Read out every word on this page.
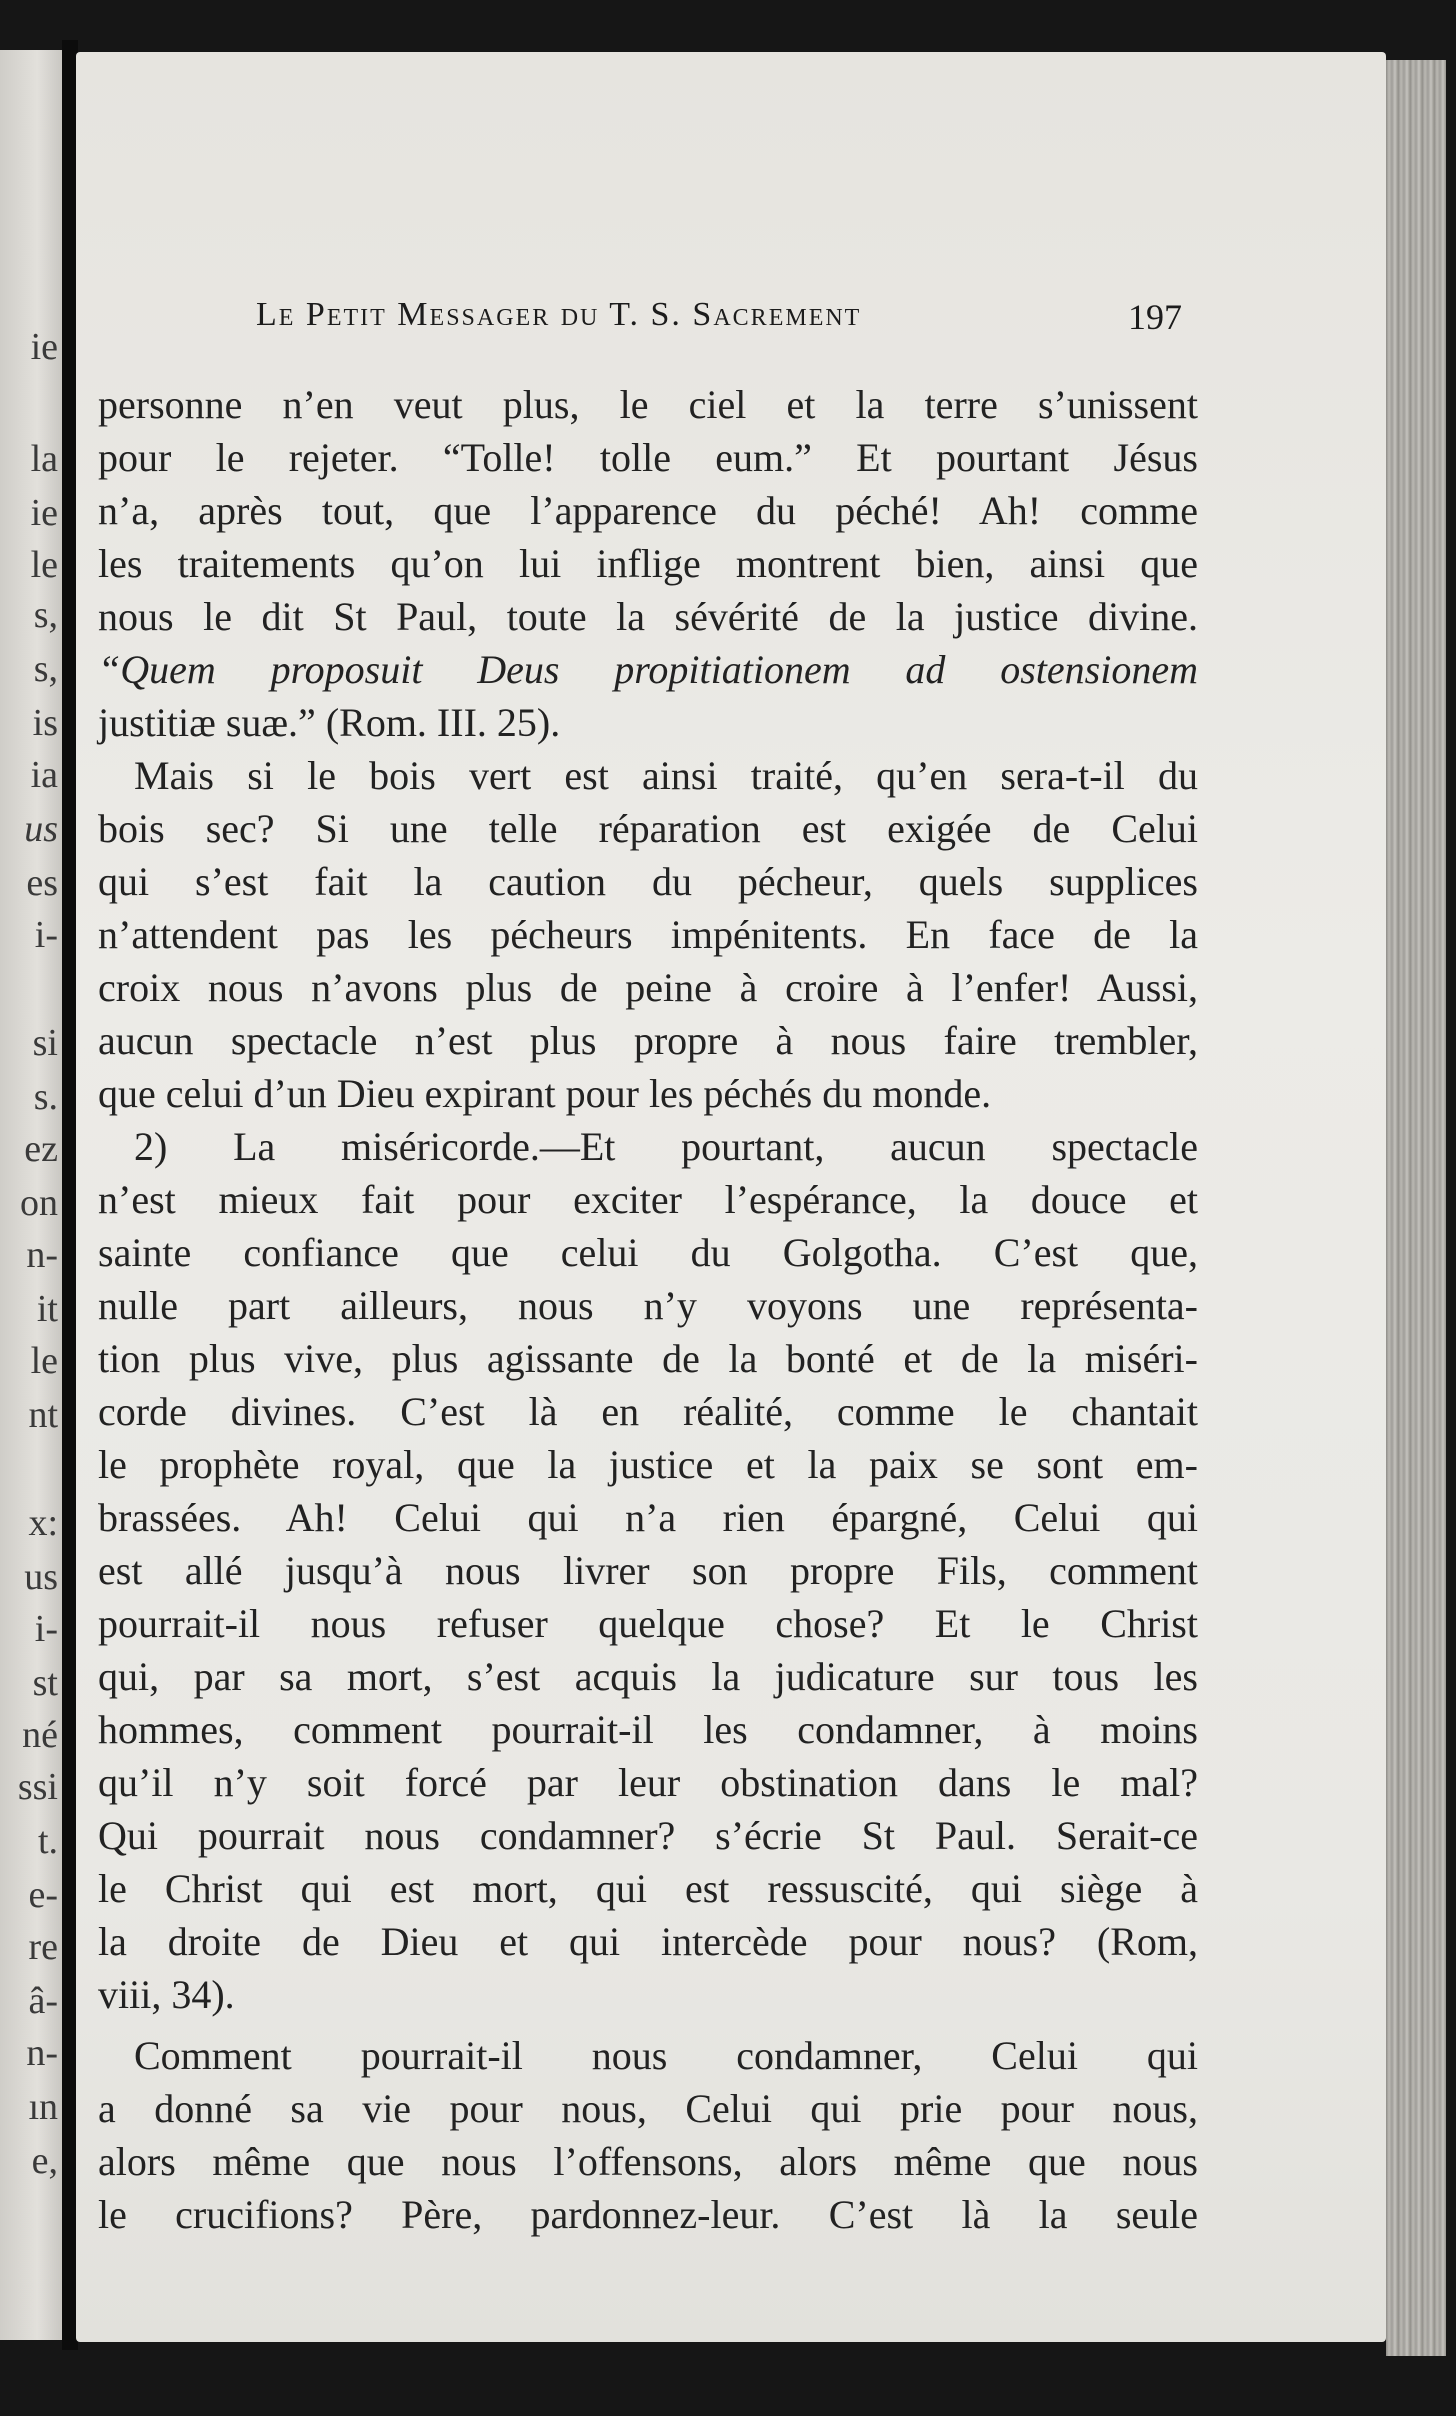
ie
la
ie
le
s,
s,
is
ia
us
es
i-
si
s.
ez
on
n-
it
le
nt
x:
us
i-
st
né
ssi
t.
e-
re
â-
n-
ın
e,
Le Petit Messager du T. S. Sacrement	197
personne n’en veut plus, le ciel et la terre s’unissent
pour le rejeter. “Tolle! tolle eum.” Et pourtant Jésus
n’a, après tout, que l’apparence du péché! Ah! comme
les traitements qu’on lui inflige montrent bien, ainsi que
nous le dit St Paul, toute la sévérité de la justice divine.
“Quem proposuit Deus propitiationem ad ostensionem
justitiæ suæ.” (Rom. III. 25).
Mais si le bois vert est ainsi traité, qu’en sera-t-il du
bois sec? Si une telle réparation est exigée de Celui
qui s’est fait la caution du pécheur, quels supplices
n’attendent pas les pécheurs impénitents. En face de la
croix nous n’avons plus de peine à croire à l’enfer! Aussi,
aucun spectacle n’est plus propre à nous faire trembler,
que celui d’un Dieu expirant pour les péchés du monde.
2) La miséricorde.—Et pourtant, aucun spectacle
n’est mieux fait pour exciter l’espérance, la douce et
sainte confiance que celui du Golgotha. C’est que,
nulle part ailleurs, nous n’y voyons une représenta-
tion plus vive, plus agissante de la bonté et de la miséri-
corde divines. C’est là en réalité, comme le chantait
le prophète royal, que la justice et la paix se sont em-
brassées. Ah! Celui qui n’a rien épargné, Celui qui
est allé jusqu’à nous livrer son propre Fils, comment
pourrait-il nous refuser quelque chose? Et le Christ
qui, par sa mort, s’est acquis la judicature sur tous les
hommes, comment pourrait-il les condamner, à moins
qu’il n’y soit forcé par leur obstination dans le mal?
Qui pourrait nous condamner? s’écrie St Paul. Serait-ce
le Christ qui est mort, qui est ressuscité, qui siège à
la droite de Dieu et qui intercède pour nous? (Rom,
viii, 34).
Comment pourrait-il nous condamner, Celui qui
a donné sa vie pour nous, Celui qui prie pour nous,
alors même que nous l’offensons, alors même que nous
le crucifions? Père, pardonnez-leur. C’est là la seule
